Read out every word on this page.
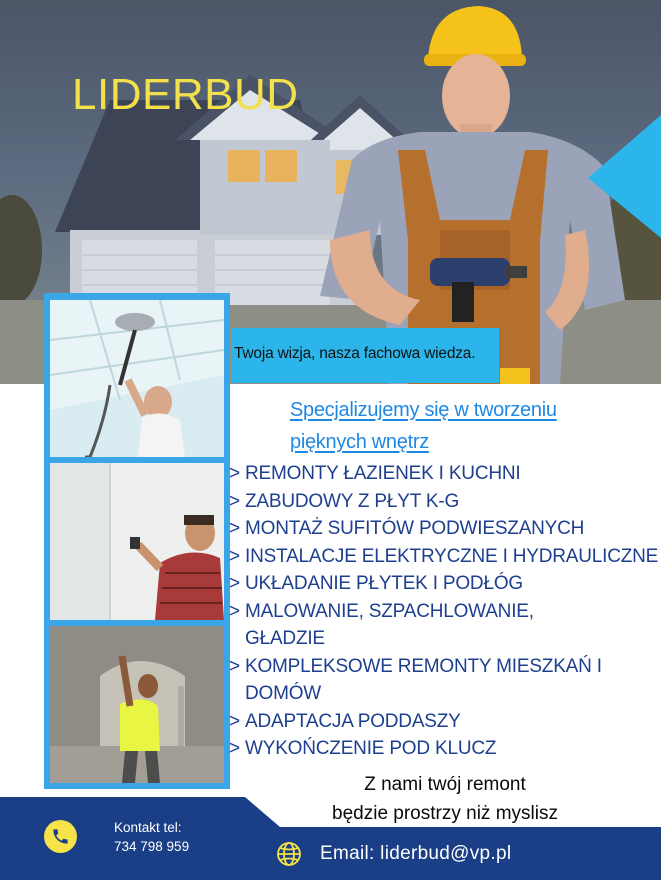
LIDERBUD
Twoja wizja, nasza fachowa wiedza.
Specjalizujemy się w tworzeniu
pięknych wnętrz
> REMONTY ŁAZIENEK I KUCHNI
> ZABUDOWY Z PŁYT K-G
> MONTAŻ SUFITÓW PODWIESZANYCH
> INSTALACJE ELEKTRYCZNE I HYDRAULICZNE
> UKŁADANIE PŁYTEK I PODŁÓG
> MALOWANIE, SZPACHLOWANIE,
GŁADZIE
> KOMPLEKSOWE REMONTY MIESZKAŃ I
DOMÓW
> ADAPTACJA PODDASZY
> WYKOŃCZENIE POD KLUCZ
Z nami twój remont
będzie prostrzy niż myslisz
Kontakt tel:
734 798 959	Email: liderbud@vp.pl
